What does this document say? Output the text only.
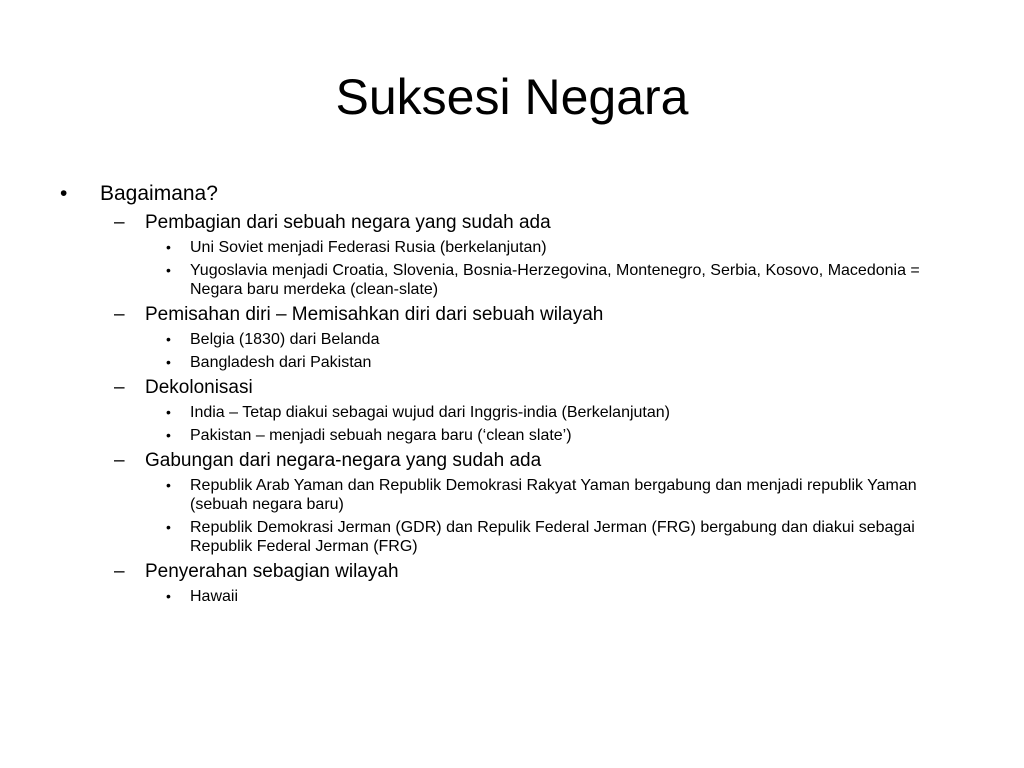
Suksesi Negara
• Bagaimana?
– Pembagian dari sebuah negara yang sudah ada
• Uni Soviet menjadi Federasi Rusia (berkelanjutan)
• Yugoslavia menjadi Croatia, Slovenia, Bosnia-Herzegovina, Montenegro, Serbia, Kosovo, Macedonia = Negara baru merdeka (clean-slate)
– Pemisahan diri – Memisahkan diri dari sebuah wilayah
• Belgia (1830) dari Belanda
• Bangladesh dari Pakistan
– Dekolonisasi
• India – Tetap diakui sebagai wujud dari Inggris-india (Berkelanjutan)
• Pakistan – menjadi sebuah negara baru (‘clean slate’)
– Gabungan dari negara-negara yang sudah ada
• Republik Arab Yaman dan Republik Demokrasi Rakyat Yaman bergabung dan menjadi republik Yaman (sebuah negara baru)
• Republik Demokrasi Jerman (GDR) dan Repulik Federal Jerman (FRG) bergabung dan diakui sebagai Republik Federal Jerman (FRG)
– Penyerahan sebagian wilayah
• Hawaii
